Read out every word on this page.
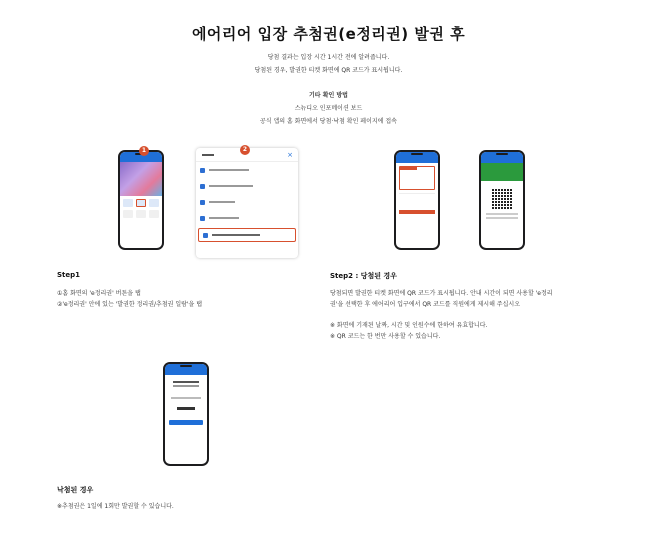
에어리어 입장 추첨권(e정리권) 발권 후
당첨 결과는 입장 시간 1시간 전에 알려줍니다.
당첨된 경우, 발권한 티켓 화면에 QR 코드가 표시됩니다.
기타 확인 방법
스뉴디오 인포메이션 보드
공식 앱의 홈 화면에서 당첨·낙첨 확인 페이지에 접속
1
×
2
Step1
①홈 화면의 'e정리권' 버튼을 탭
②'e정리권' 안에 있는 '발권한 정리권/추첨권 일람'을 탭
Step2 : 당첨된 경우
당첨되면 발권한 티켓 화면에 QR 코드가 표시됩니다. 안내 시간이 되면 사용할 'e정리
권'을 선택한 후 에어리어 입구에서 QR 코드를 직원에게 제시해 주십시오
※ 화면에 기재된 날짜, 시간 및 인원수에 한하여 유효합니다.
※ QR 코드는 한 번만 사용할 수 있습니다.
낙첨된 경우
※추첨권은 1일에 1회만 발권할 수 있습니다.
